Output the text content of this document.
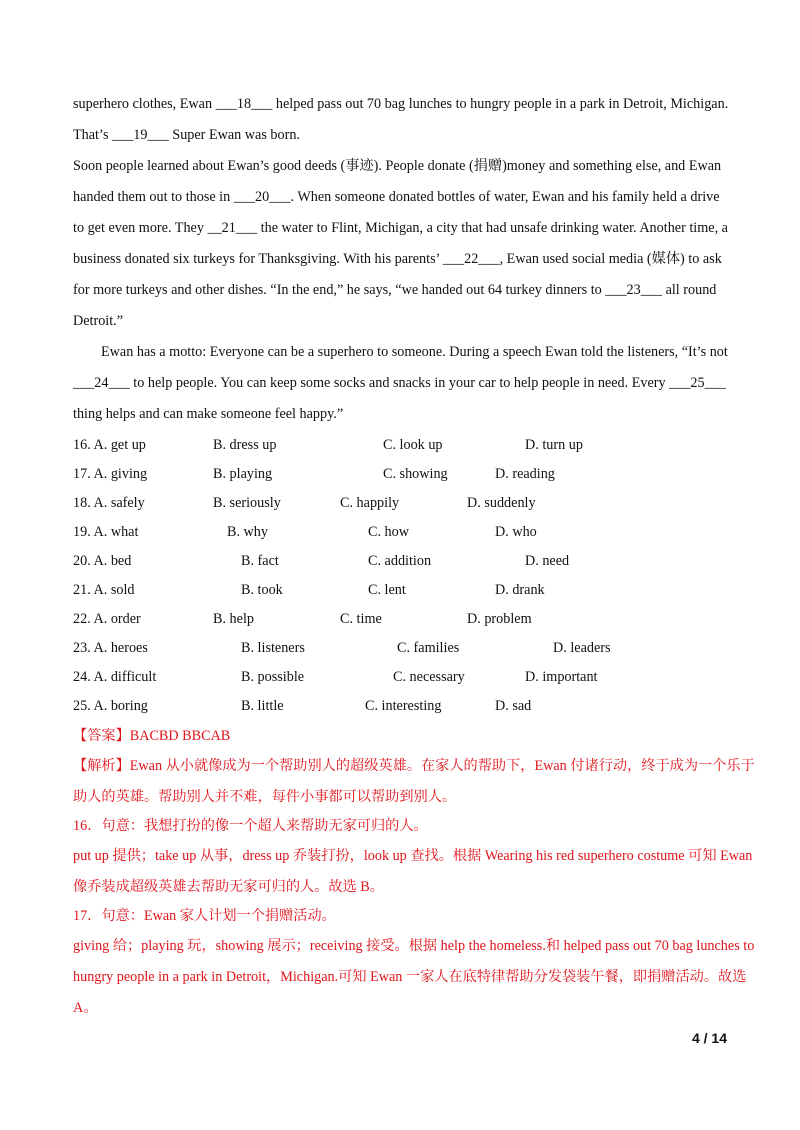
superhero clothes, Ewan ___18___ helped pass out 70 bag lunches to hungry people in a park in Detroit, Michigan.
That’s ___19___ Super Ewan was born.
Soon people learned about Ewan’s good deeds (事迹). People donate (捐赠)money and something else, and Ewan
handed them out to those in ___20___. When someone donated bottles of water, Ewan and his family held a drive
to get even more. They __21___ the water to Flint, Michigan, a city that had unsafe drinking water. Another time, a
business donated six turkeys for Thanksgiving. With his parents’ ___22___, Ewan used social media (媒体) to ask
for more turkeys and other dishes. “In the end,” he says, “we handed out 64 turkey dinners to ___23___ all round
Detroit.”
Ewan has a motto: Everyone can be a superhero to someone. During a speech Ewan told the listeners, “It’s not
___24___ to help people. You can keep some socks and snacks in your car to help people in need. Every ___25___
thing helps and can make someone feel happy.”
16. A. get up	B. dress up	C. look up	D. turn up
17. A. giving	B. playing	C. showing	D. reading
18. A. safely	B. seriously	C. happily	D. suddenly
19. A. what	B. why	C. how	D. who
20. A. bed	B. fact	C. addition	D. need
21. A. sold	B. took	C. lent	D. drank
22. A. order	B. help	C. time	D. problem
23. A. heroes	B. listeners	C. families	D. leaders
24. A. difficult	B. possible	C. necessary	D. important
25. A. boring	B. little	C. interesting	D. sad
【答案】BACBD BBCAB
【解析】Ewan 从小就像成为一个帮助别人的超级英雄。在家人的帮助下，Ewan 付诸行动，终于成为一个乐于
助人的英雄。帮助别人并不难，每件小事都可以帮助到别人。
16．句意：我想打扮的像一个超人来帮助无家可归的人。
put up 提供；take up 从事，dress up 乔装打扮，look up 查找。根据 Wearing his red superhero costume 可知 Ewan
像乔装成超级英雄去帮助无家可归的人。故选 B。
17．句意：Ewan 家人计划一个捐赠活动。
giving 给；playing 玩，showing 展示；receiving 接受。根据 help the homeless.和 helped pass out 70 bag lunches to
hungry people in a park in Detroit，Michigan.可知 Ewan 一家人在底特律帮助分发袋装午餐，即捐赠活动。故选
A。
4 / 14
